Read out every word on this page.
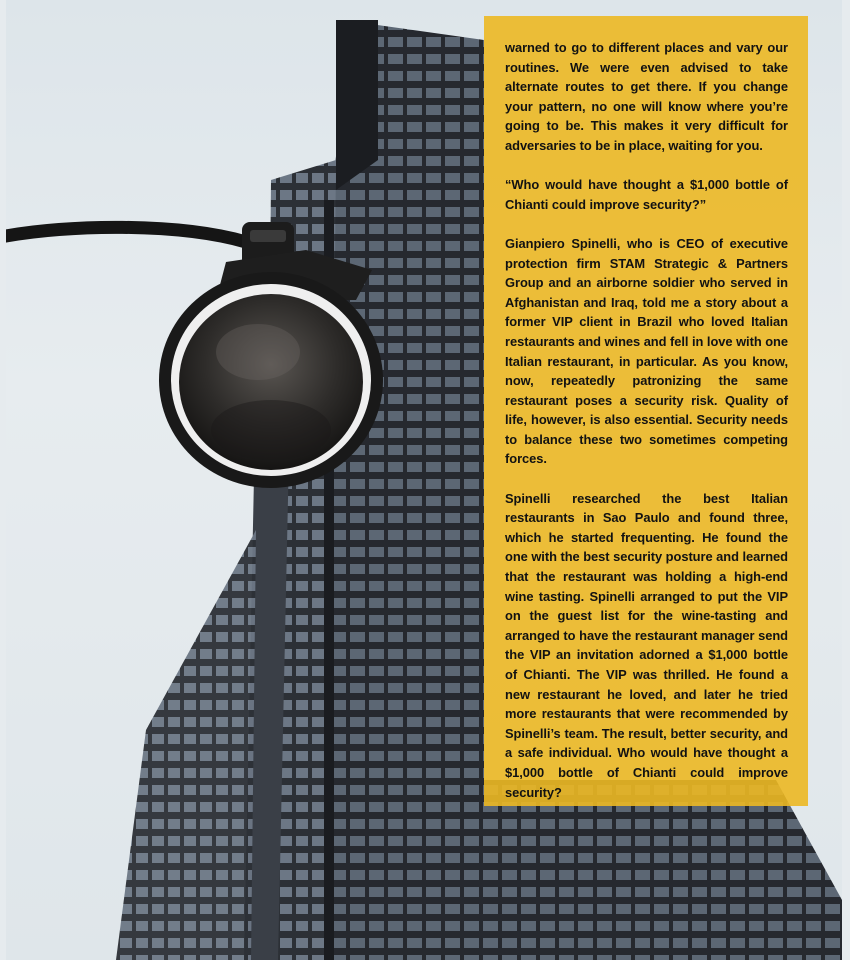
warned to go to different places and vary our routines. We were even advised to take alternate routes to get there. If you change your pattern, no one will know where you’re going to be. This makes it very difficult for adversaries to be in place, waiting for you.

“Who would have thought a $1,000 bottle of Chianti could improve security?”

Gianpiero Spinelli, who is CEO of executive protection firm STAM Strategic & Partners Group and an airborne soldier who served in Afghanistan and Iraq, told me a story about a former VIP client in Brazil who loved Italian restaurants and wines and fell in love with one Italian restaurant, in particular. As you know, now, repeatedly patronizing the same restaurant poses a security risk. Quality of life, however, is also essential. Security needs to balance these two sometimes competing forces.

Spinelli researched the best Italian restaurants in Sao Paulo and found three, which he started frequenting. He found the one with the best security posture and learned that the restaurant was holding a high-end wine tasting. Spinelli arranged to put the VIP on the guest list for the wine-tasting and arranged to have the restaurant manager send the VIP an invitation adorned a $1,000 bottle of Chianti. The VIP was thrilled. He found a new restaurant he loved, and later he tried more restaurants that were recommended by Spinelli’s team. The result, better security, and a safe individual. Who would have thought a $1,000 bottle of Chianti could improve security?
